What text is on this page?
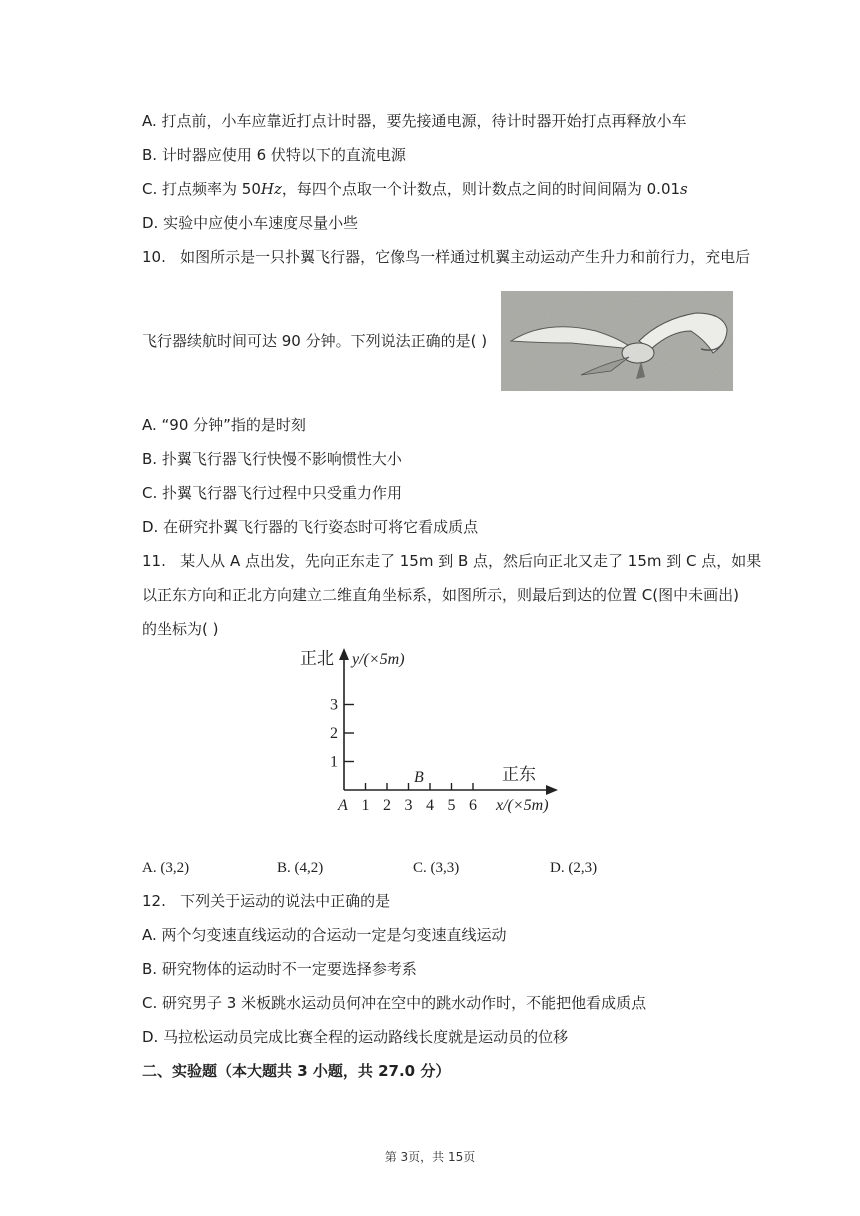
A. 打点前，小车应靠近打点计时器，要先接通电源，待计时器开始打点再释放小车
B. 计时器应使用 6 伏特以下的直流电源
C. 打点频率为 50Hz，每四个点取一个计数点，则计数点之间的时间间隔为 0.01s
D. 实验中应使小车速度尽量小些
10. 如图所示是一只扑翼飞行器，它像鸟一样通过机翼主动运动产生升力和前行力，充电后
飞行器续航时间可达 90 分钟。下列说法正确的是( )
A. “90 分钟”指的是时刻
B. 扑翼飞行器飞行快慢不影响惯性大小
C. 扑翼飞行器飞行过程中只受重力作用
D. 在研究扑翼飞行器的飞行姿态时可将它看成质点
11. 某人从 A 点出发，先向正东走了 15m 到 B 点，然后向正北又走了 15m 到 C 点，如果
以正东方向和正北方向建立二维直角坐标系，如图所示，则最后到达的位置 C(图中未画出)
的坐标为( )
正北 y/(×5m)
正东
x/(×5m)
A
B
1
2
3
1 2 3 4 5 6
A. (3,2)	B. (4,2)	C. (3,3)	D. (2,3)
12. 下列关于运动的说法中正确的是
A. 两个匀变速直线运动的合运动一定是匀变速直线运动
B. 研究物体的运动时不一定要选择参考系
C. 研究男子 3 米板跳水运动员何冲在空中的跳水动作时，不能把他看成质点
D. 马拉松运动员完成比赛全程的运动路线长度就是运动员的位移
二、实验题（本大题共 3 小题，共 27.0 分）
第 3页，共 15页
